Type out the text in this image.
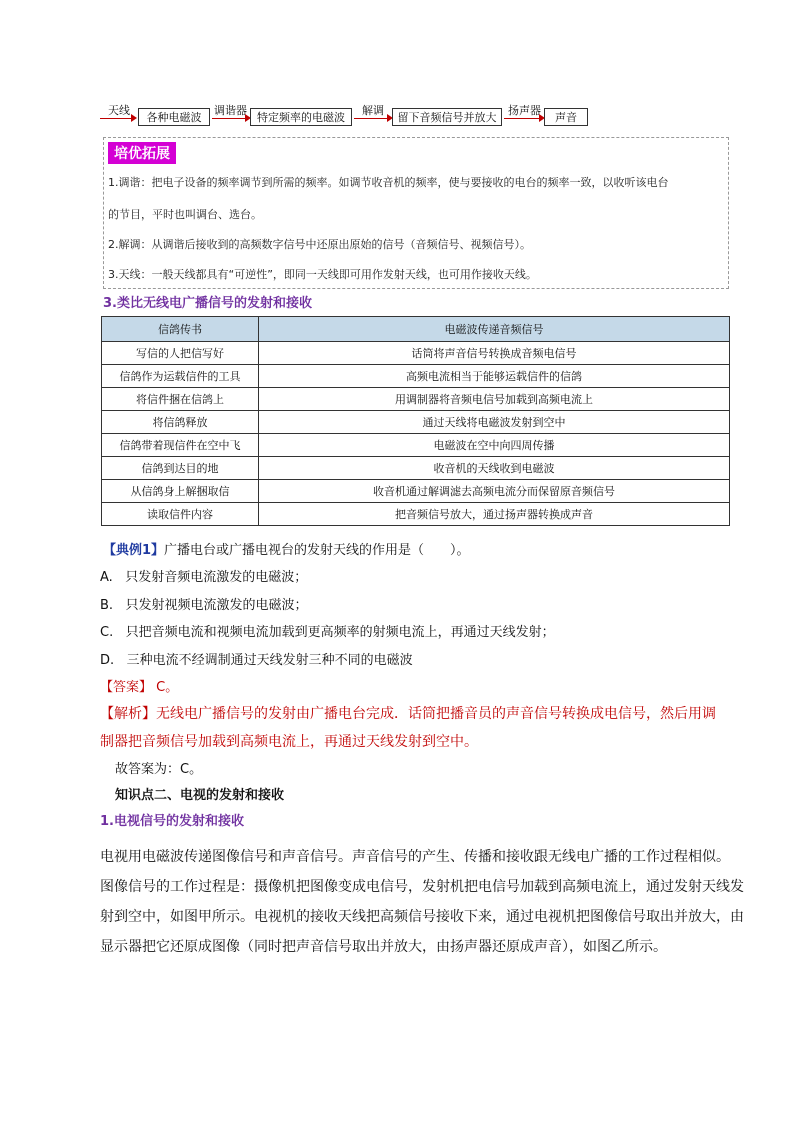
天线
各种电磁波
调谐器
特定频率的电磁波
解调
留下音频信号并放大
扬声器
声音
培优拓展
1.调谐：把电子设备的频率调节到所需的频率。如调节收音机的频率，使与要接收的电台的频率一致，以收听该电台
的节目，平时也叫调台、选台。
2.解调：从调谐后接收到的高频数字信号中还原出原始的信号（音频信号、视频信号）。
3.天线：一般天线都具有“可逆性”，即同一天线即可用作发射天线，也可用作接收天线。
3.类比无线电广播信号的发射和接收
信鸽传书	电磁波传递音频信号
写信的人把信写好	话筒将声音信号转换成音频电信号
信鸽作为运载信件的工具	高频电流相当于能够运载信件的信鸽
将信件捆在信鸽上	用调制器将音频电信号加载到高频电流上
将信鸽释放	通过天线将电磁波发射到空中
信鸽带着现信件在空中飞	电磁波在空中向四周传播
信鸽到达目的地	收音机的天线收到电磁波
从信鸽身上解捆取信	收音机通过解调滤去高频电流分而保留原音频信号
读取信件内容	把音频信号放大，通过扬声器转换成声音
【典例1】广播电台或广播电视台的发射天线的作用是（　　）。
A. 只发射音频电流激发的电磁波；
B. 只发射视频电流激发的电磁波；
C. 只把音频电流和视频电流加载到更高频率的射频电流上，再通过天线发射；
D. 三种电流不经调制通过天线发射三种不同的电磁波
【答案】 C。
【解析】无线电广播信号的发射由广播电台完成．话筒把播音员的声音信号转换成电信号，然后用调
制器把音频信号加载到高频电流上，再通过天线发射到空中。
故答案为：C。
知识点二、电视的发射和接收
1.电视信号的发射和接收
电视用电磁波传递图像信号和声音信号。声音信号的产生、传播和接收跟无线电广播的工作过程相似。
图像信号的工作过程是：摄像机把图像变成电信号，发射机把电信号加载到高频电流上，通过发射天线发
射到空中，如图甲所示。电视机的接收天线把高频信号接收下来，通过电视机把图像信号取出并放大，由
显示器把它还原成图像（同时把声音信号取出并放大，由扬声器还原成声音），如图乙所示。
